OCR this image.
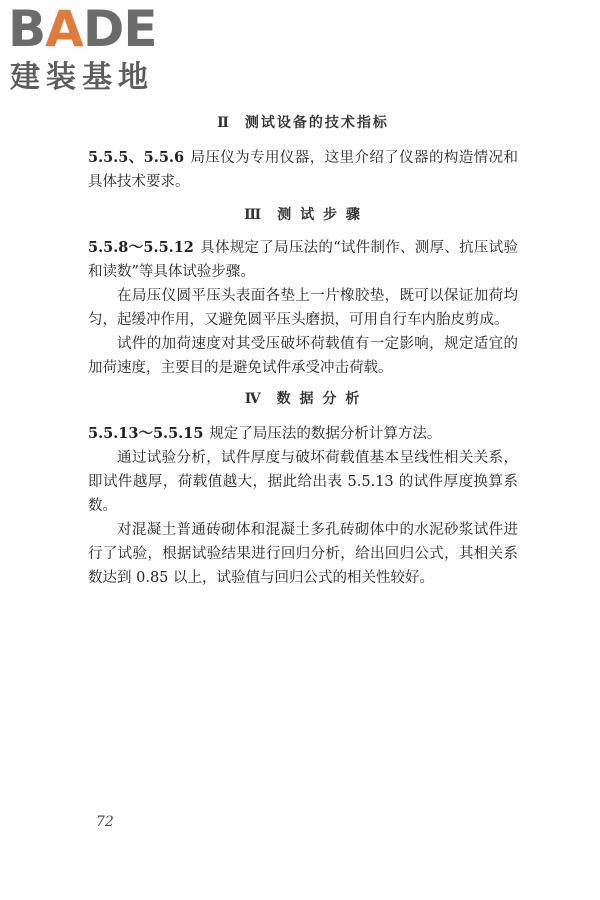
B A DE
建装基地
Ⅱ 测试设备的技术指标

5.5.5、5.5.6 局压仪为专用仪器，这里介绍了仪器的构造情况和具体技术要求。

Ⅲ 测 试 步 骤

5.5.8～5.5.12 具体规定了局压法的“试件制作、测厚、抗压试验和读数”等具体试验步骤。

在局压仪圆平压头表面各垫上一片橡胶垫，既可以保证加荷均匀，起缓冲作用，又避免圆平压头磨损，可用自行车内胎皮剪成。

试件的加荷速度对其受压破坏荷载值有一定影响，规定适宜的加荷速度，主要目的是避免试件承受冲击荷载。

Ⅳ 数 据 分 析

5.5.13～5.5.15 规定了局压法的数据分析计算方法。

通过试验分析，试件厚度与破坏荷载值基本呈线性相关关系，即试件越厚，荷载值越大，据此给出表 5.5.13 的试件厚度换算系数。

对混凝土普通砖砌体和混凝土多孔砖砌体中的水泥砂浆试件进行了试验，根据试验结果进行回归分析，给出回归公式，其相关系数达到 0.85 以上，试验值与回归公式的相关性较好。

72
